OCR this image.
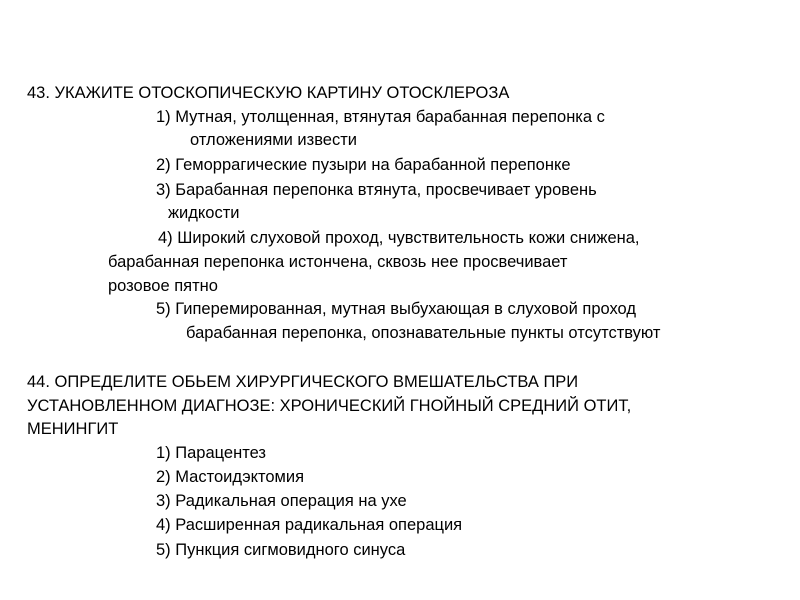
43. УКАЖИТЕ ОТОСКОПИЧЕСКУЮ КАРТИНУ ОТОСКЛЕРОЗА
1) Мутная, утолщенная, втянутая барабанная перепонка с
отложениями извести
2) Геморрагические пузыри на барабанной перепонке
3) Барабанная перепонка втянута, просвечивает уровень
жидкости
4) Широкий слуховой проход, чувствительность кожи снижена,
барабанная перепонка истончена, сквозь нее просвечивает
розовое пятно
5) Гиперемированная, мутная выбухающая в слуховой проход
барабанная перепонка, опознавательные пункты отсутствуют
44. ОПРЕДЕЛИТЕ ОБЬЕМ ХИРУРГИЧЕСКОГО ВМЕШАТЕЛЬСТВА ПРИ
УСТАНОВЛЕННОМ ДИАГНОЗЕ: ХРОНИЧЕСКИЙ ГНОЙНЫЙ СРЕДНИЙ ОТИТ,
МЕНИНГИТ
1) Парацентез
2) Мастоидэктомия
3) Радикальная операция на ухе
4) Расширенная радикальная операция
5) Пункция сигмовидного синуса
